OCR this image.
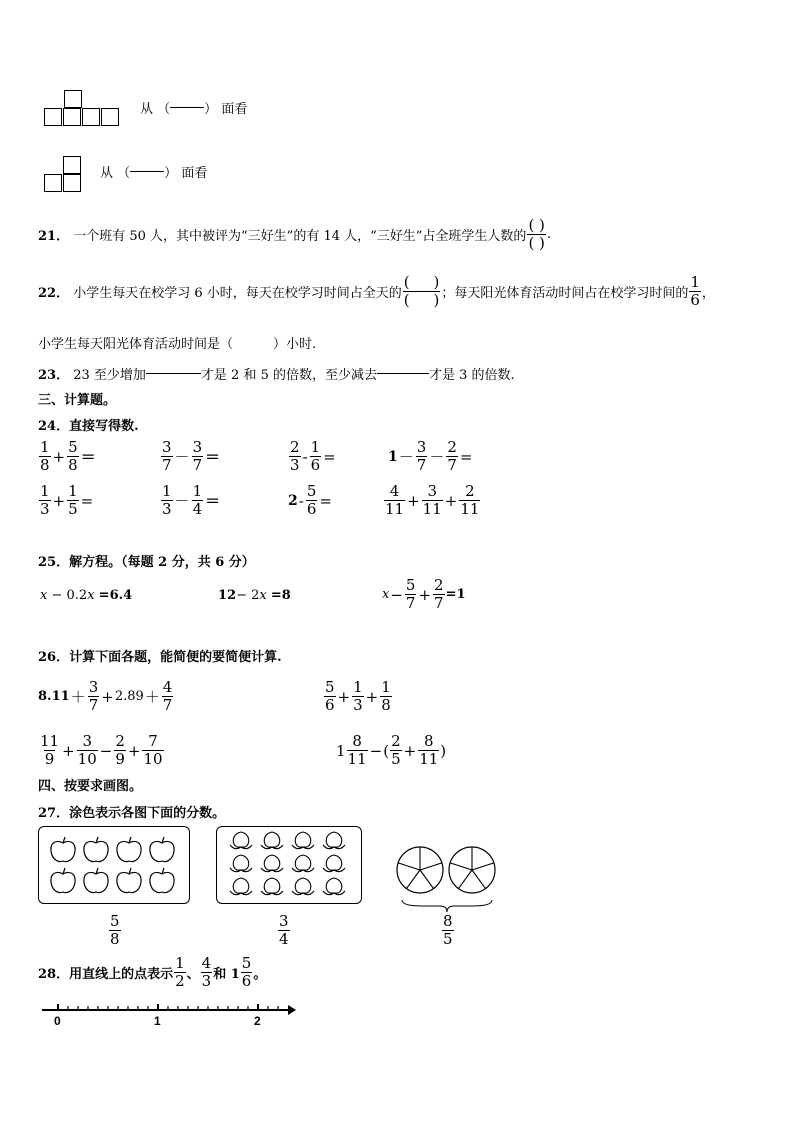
从
（	）
面看
从
（	）
面看
21．
一个班有 50 人，其中被评为“三好生”的有 14 人，“三好生”占全班学生人数的 $\frac{( )}{( )}$ .
22．
小学生每天在校学习 6 小时，每天在校学习时间占全天的 $\frac{( )}{( )}$ ；每天阳光体育活动时间占在校学习时间的 $\frac{1}{6}$ ，
小学生每天阳光体育活动时间是（	）小时.
23．
23 至少增加	才是 2 和 5 的倍数，至少减去	才是 3 的倍数.
三、计算题。
24．直接写得数.
$\frac{1}{8} + \frac{5}{8}$ ＝	$\frac{3}{7} - \frac{3}{7}$ ＝	$\frac{2}{3} - \frac{1}{6}$ =	$1 - \frac{3}{7} - \frac{2}{7}$ =
$\frac{1}{3} + \frac{1}{5}$ =	$\frac{1}{3} - \frac{1}{4}$ ＝	$2 - \frac{5}{6}$ =	$\frac{4}{11} + \frac{3}{11} + \frac{2}{11}$
25．解方程。（每题 2 分，共 6 分）
x − 0.2 x
=6.4	12 − 2 x
=8	$x - \frac{5}{7} + \frac{2}{7} =1$
26．计算下面各题，能简便的要简便计算.
$8.11 + \frac{3}{7} + 2.89 + \frac{4}{7}$	$\frac{5}{6} + \frac{1}{3} + \frac{1}{8}$
$\frac{11}{9} + \frac{3}{10} - \frac{2}{9} + \frac{7}{10}$	$1 \frac{8}{11}$ − ( $\frac{2}{5} + \frac{8}{11}$ )
四、按要求画图。
27．涂色表示各图下面的分数。
$\frac{5}{8}$	$\frac{3}{4}$	$\frac{8}{5}$
28．用直线上的点表示 $\frac{1}{2}$ 、 $\frac{4}{3}$ 和 $1 \frac{5}{6}$ 。
0	1	2
